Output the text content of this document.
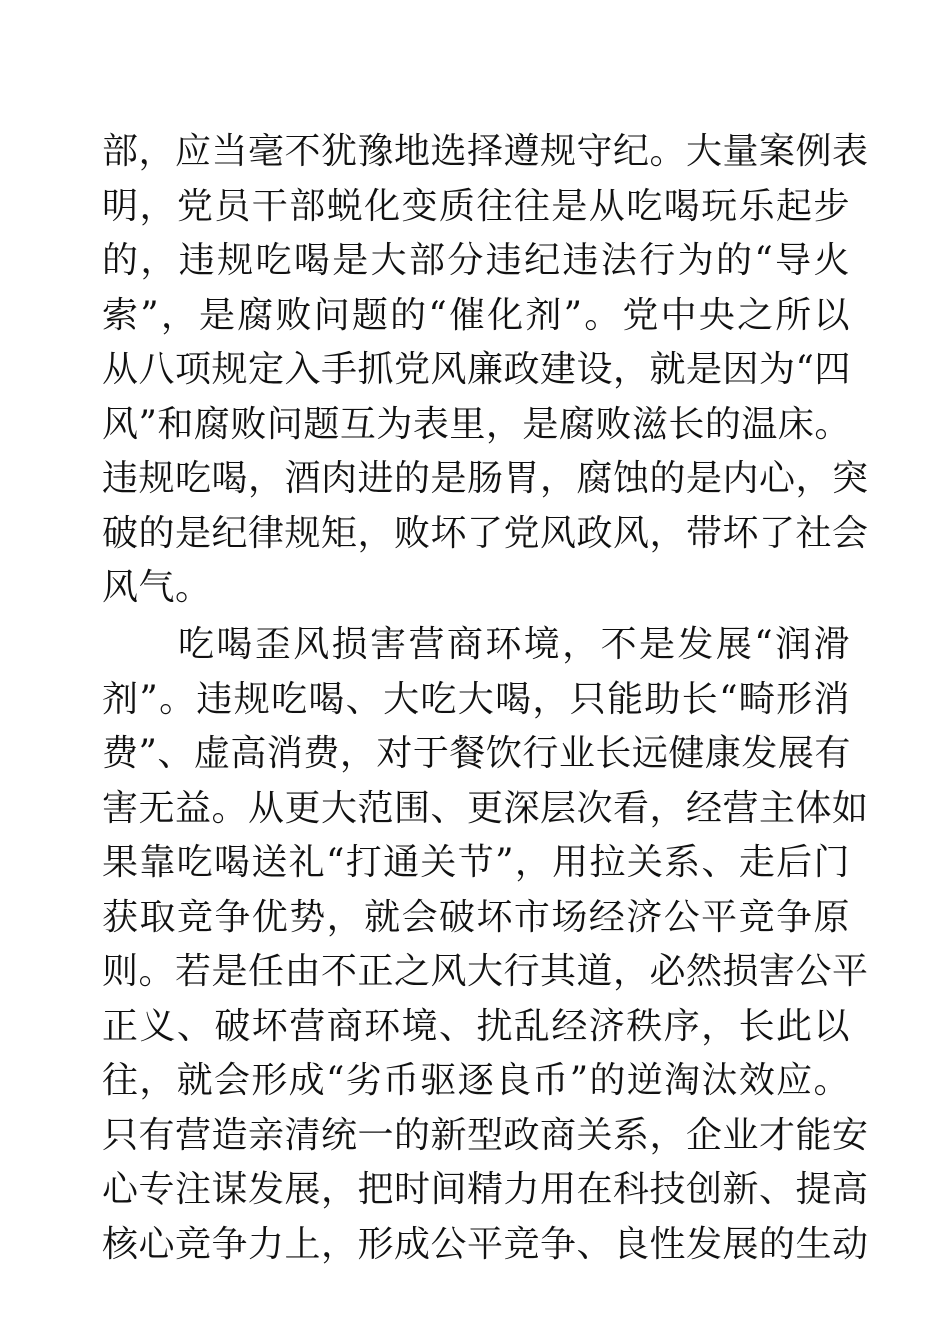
部，应当毫不犹豫地选择遵规守纪。大量案例表
明，党员干部蜕化变质往往是从吃喝玩乐起步
的，违规吃喝是大部分违纪违法行为的“导火
索”，是腐败问题的“催化剂”。党中央之所以
从八项规定入手抓党风廉政建设，就是因为“四
风”和腐败问题互为表里，是腐败滋长的温床。
违规吃喝，酒肉进的是肠胃，腐蚀的是内心，突
破的是纪律规矩，败坏了党风政风，带坏了社会
风气。
吃喝歪风损害营商环境，不是发展“润滑
剂”。违规吃喝、大吃大喝，只能助长“畸形消
费”、虚高消费，对于餐饮行业长远健康发展有
害无益。从更大范围、更深层次看，经营主体如
果靠吃喝送礼“打通关节”，用拉关系、走后门
获取竞争优势，就会破坏市场经济公平竞争原
则。若是任由不正之风大行其道，必然损害公平
正义、破坏营商环境、扰乱经济秩序，长此以
往，就会形成“劣币驱逐良币”的逆淘汰效应。
只有营造亲清统一的新型政商关系，企业才能安
心专注谋发展，把时间精力用在科技创新、提高
核心竞争力上，形成公平竞争、良性发展的生动
